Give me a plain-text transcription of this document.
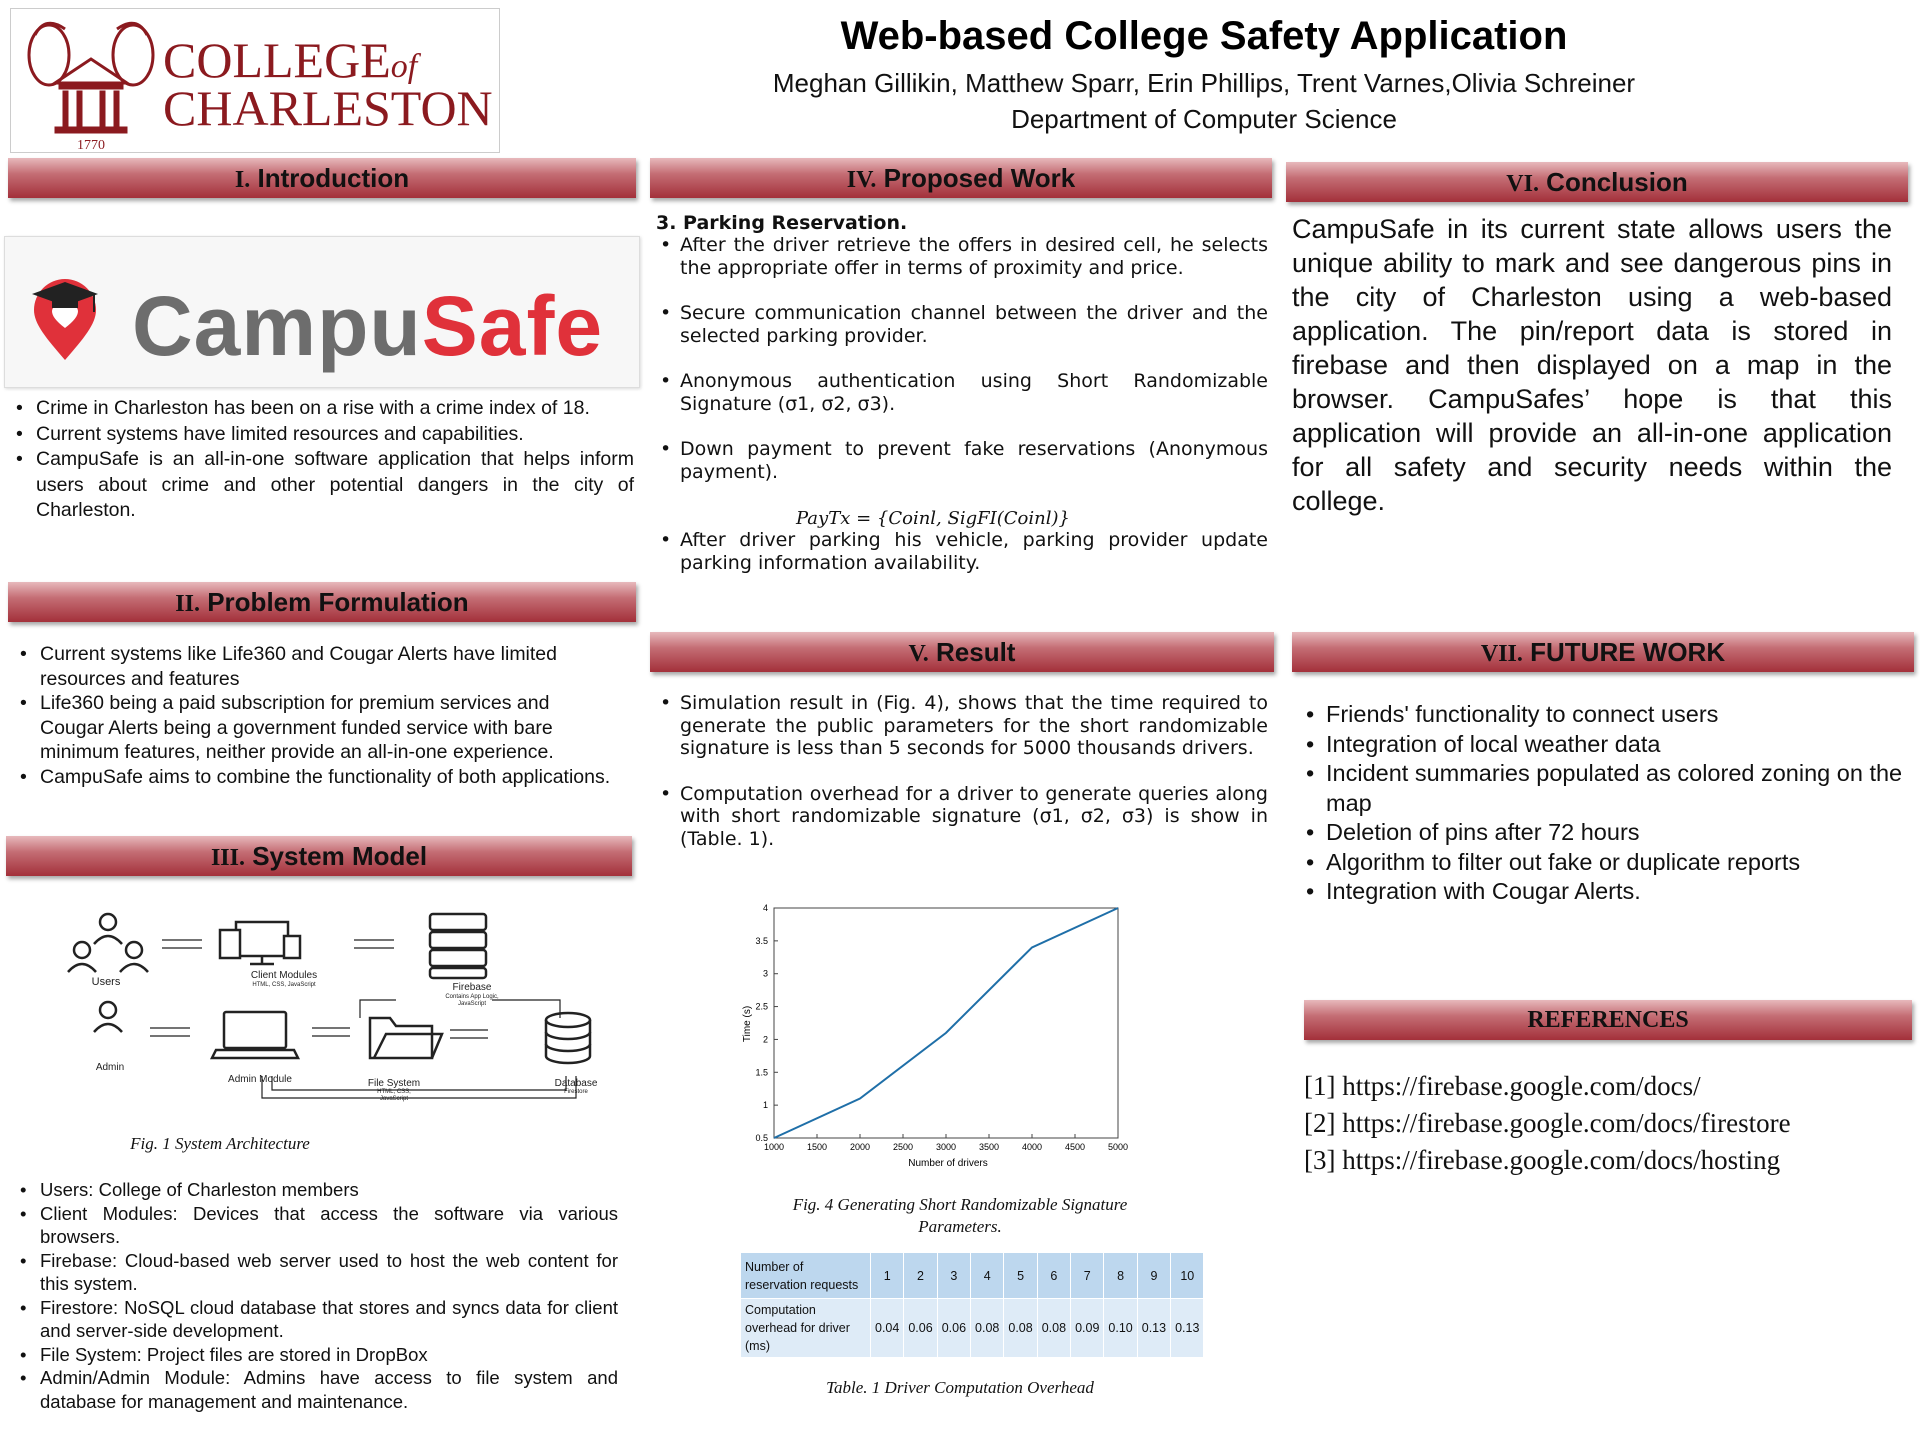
1770
COLLEGEof
CHARLESTON
Web-based College Safety Application
Meghan Gillikin, Matthew Sparr, Erin Phillips, Trent Varnes,Olivia Schreiner
Department of Computer Science
I. Introduction
II. Problem Formulation
III. System Model
IV. Proposed Work
V. Result
VI. Conclusion
VII. FUTURE WORK
REFERENCES
CampuSafe
• Crime in Charleston has been on a rise with a crime index of 18.
• Current systems have limited resources and capabilities.
• CampuSafe is an all-in-one software application that helps inform users about crime and other potential dangers in the city of Charleston.
• Current systems like Life360 and Cougar Alerts have limited resources and features
• Life360 being a paid subscription for premium services and Cougar Alerts being a government funded service with bare minimum features, neither provide an all-in-one experience.
• CampuSafe aims to combine the functionality of both applications.
Users
Client Modules
HTML, CSS, JavaScript	Firebase
Contains App Logic,
JavaScript
Admin
Admin Module	File System
HTML, CSS,
JavaScript
Database
Firestore
Fig. 1 System Architecture
• Users: College of Charleston members
• Client Modules: Devices that access the software via various browsers.
• Firebase: Cloud-based web server used to host the web content for this system.
• Firestore: NoSQL cloud database that stores and syncs data for client and server-side development.
• File System: Project files are stored in DropBox
• Admin/Admin Module: Admins have access to file system and database for management and maintenance.
3. Parking Reservation.
• After the driver retrieve the offers in desired cell, he selects the appropriate offer in terms of proximity and price.
• Secure communication channel between the driver and the selected parking provider.
• Anonymous authentication using Short Randomizable Signature (σ1, σ2, σ3).
• Down payment to prevent fake reservations (Anonymous payment).
• After driver parking his vehicle, parking provider update parking information availability.
PayTx = {Coinl, SigFI(Coinl)}
• Simulation result in (Fig. 4), shows that the time required to generate the public parameters for the short randomizable signature is less than 5 seconds for 5000 thousands drivers.
• Computation overhead for a driver to generate queries along with short randomizable signature (σ1, σ2, σ3) is show in (Table. 1).
Time (s)
Number of drivers
1000	1500	2000	2500	3000	3500	4000	4500	5000
0.5
1
1.5
2
2.5
3
3.5
4
Fig. 4 Generating Short Randomizable Signature Parameters.
Number of reservation requests	1	2	3	4	5	6	7	8	9	10
Computation overhead for driver (ms)	0.04	0.06	0.06	0.08	0.08	0.08	0.09	0.10	0.13	0.13
Table. 1 Driver Computation Overhead
CampuSafe in its current state allows users the unique ability to mark and see dangerous pins in the city of Charleston using a web-based application. The pin/report data is stored in firebase and then displayed on a map in the browser. CampuSafes’ hope is that this application will provide an all-in-one application for all safety and security needs within the college.
• Friends' functionality to connect users
• Integration of local weather data
• Incident summaries populated as colored zoning on the map
• Deletion of pins after 72 hours
• Algorithm to filter out fake or duplicate reports
• Integration with Cougar Alerts.
[1] https://firebase.google.com/docs/
[2] https://firebase.google.com/docs/firestore
[3] https://firebase.google.com/docs/hosting
